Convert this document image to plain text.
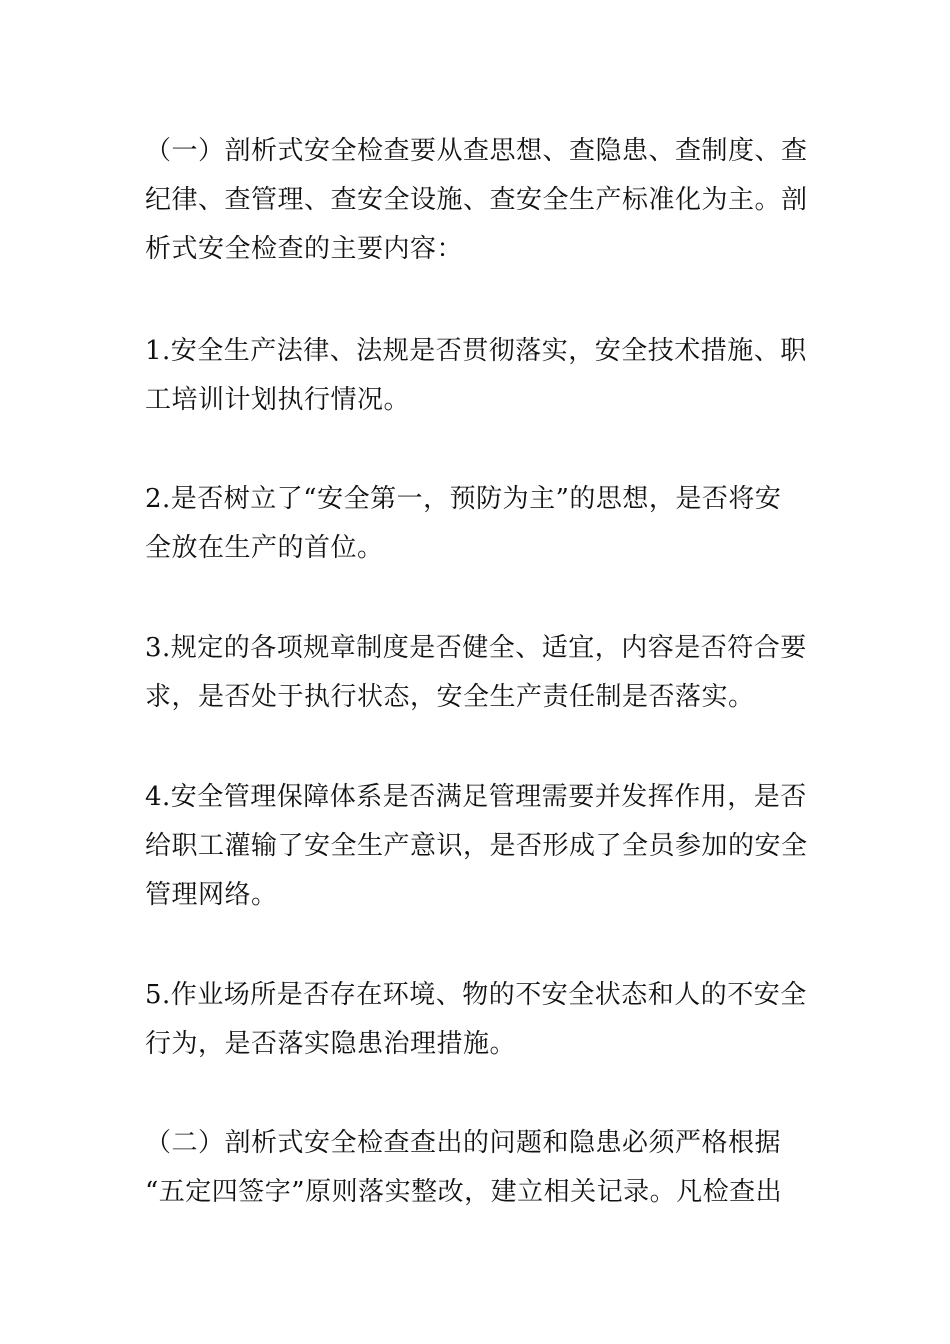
（一）剖析式安全检查要从查思想、查隐患、查制度、查
纪律、查管理、查安全设施、查安全生产标准化为主。剖
析式安全检查的主要内容：
1.安全生产法律、法规是否贯彻落实，安全技术措施、职
工培训计划执行情况。
2.是否树立了“安全第一，预防为主”的思想，是否将安
全放在生产的首位。
3.规定的各项规章制度是否健全、适宜，内容是否符合要
求，是否处于执行状态，安全生产责任制是否落实。
4.安全管理保障体系是否满足管理需要并发挥作用，是否
给职工灌输了安全生产意识，是否形成了全员参加的安全
管理网络。
5.作业场所是否存在环境、物的不安全状态和人的不安全
行为，是否落实隐患治理措施。
（二）剖析式安全检查查出的问题和隐患必须严格根据
“五定四签字”原则落实整改，建立相关记录。凡检查出
